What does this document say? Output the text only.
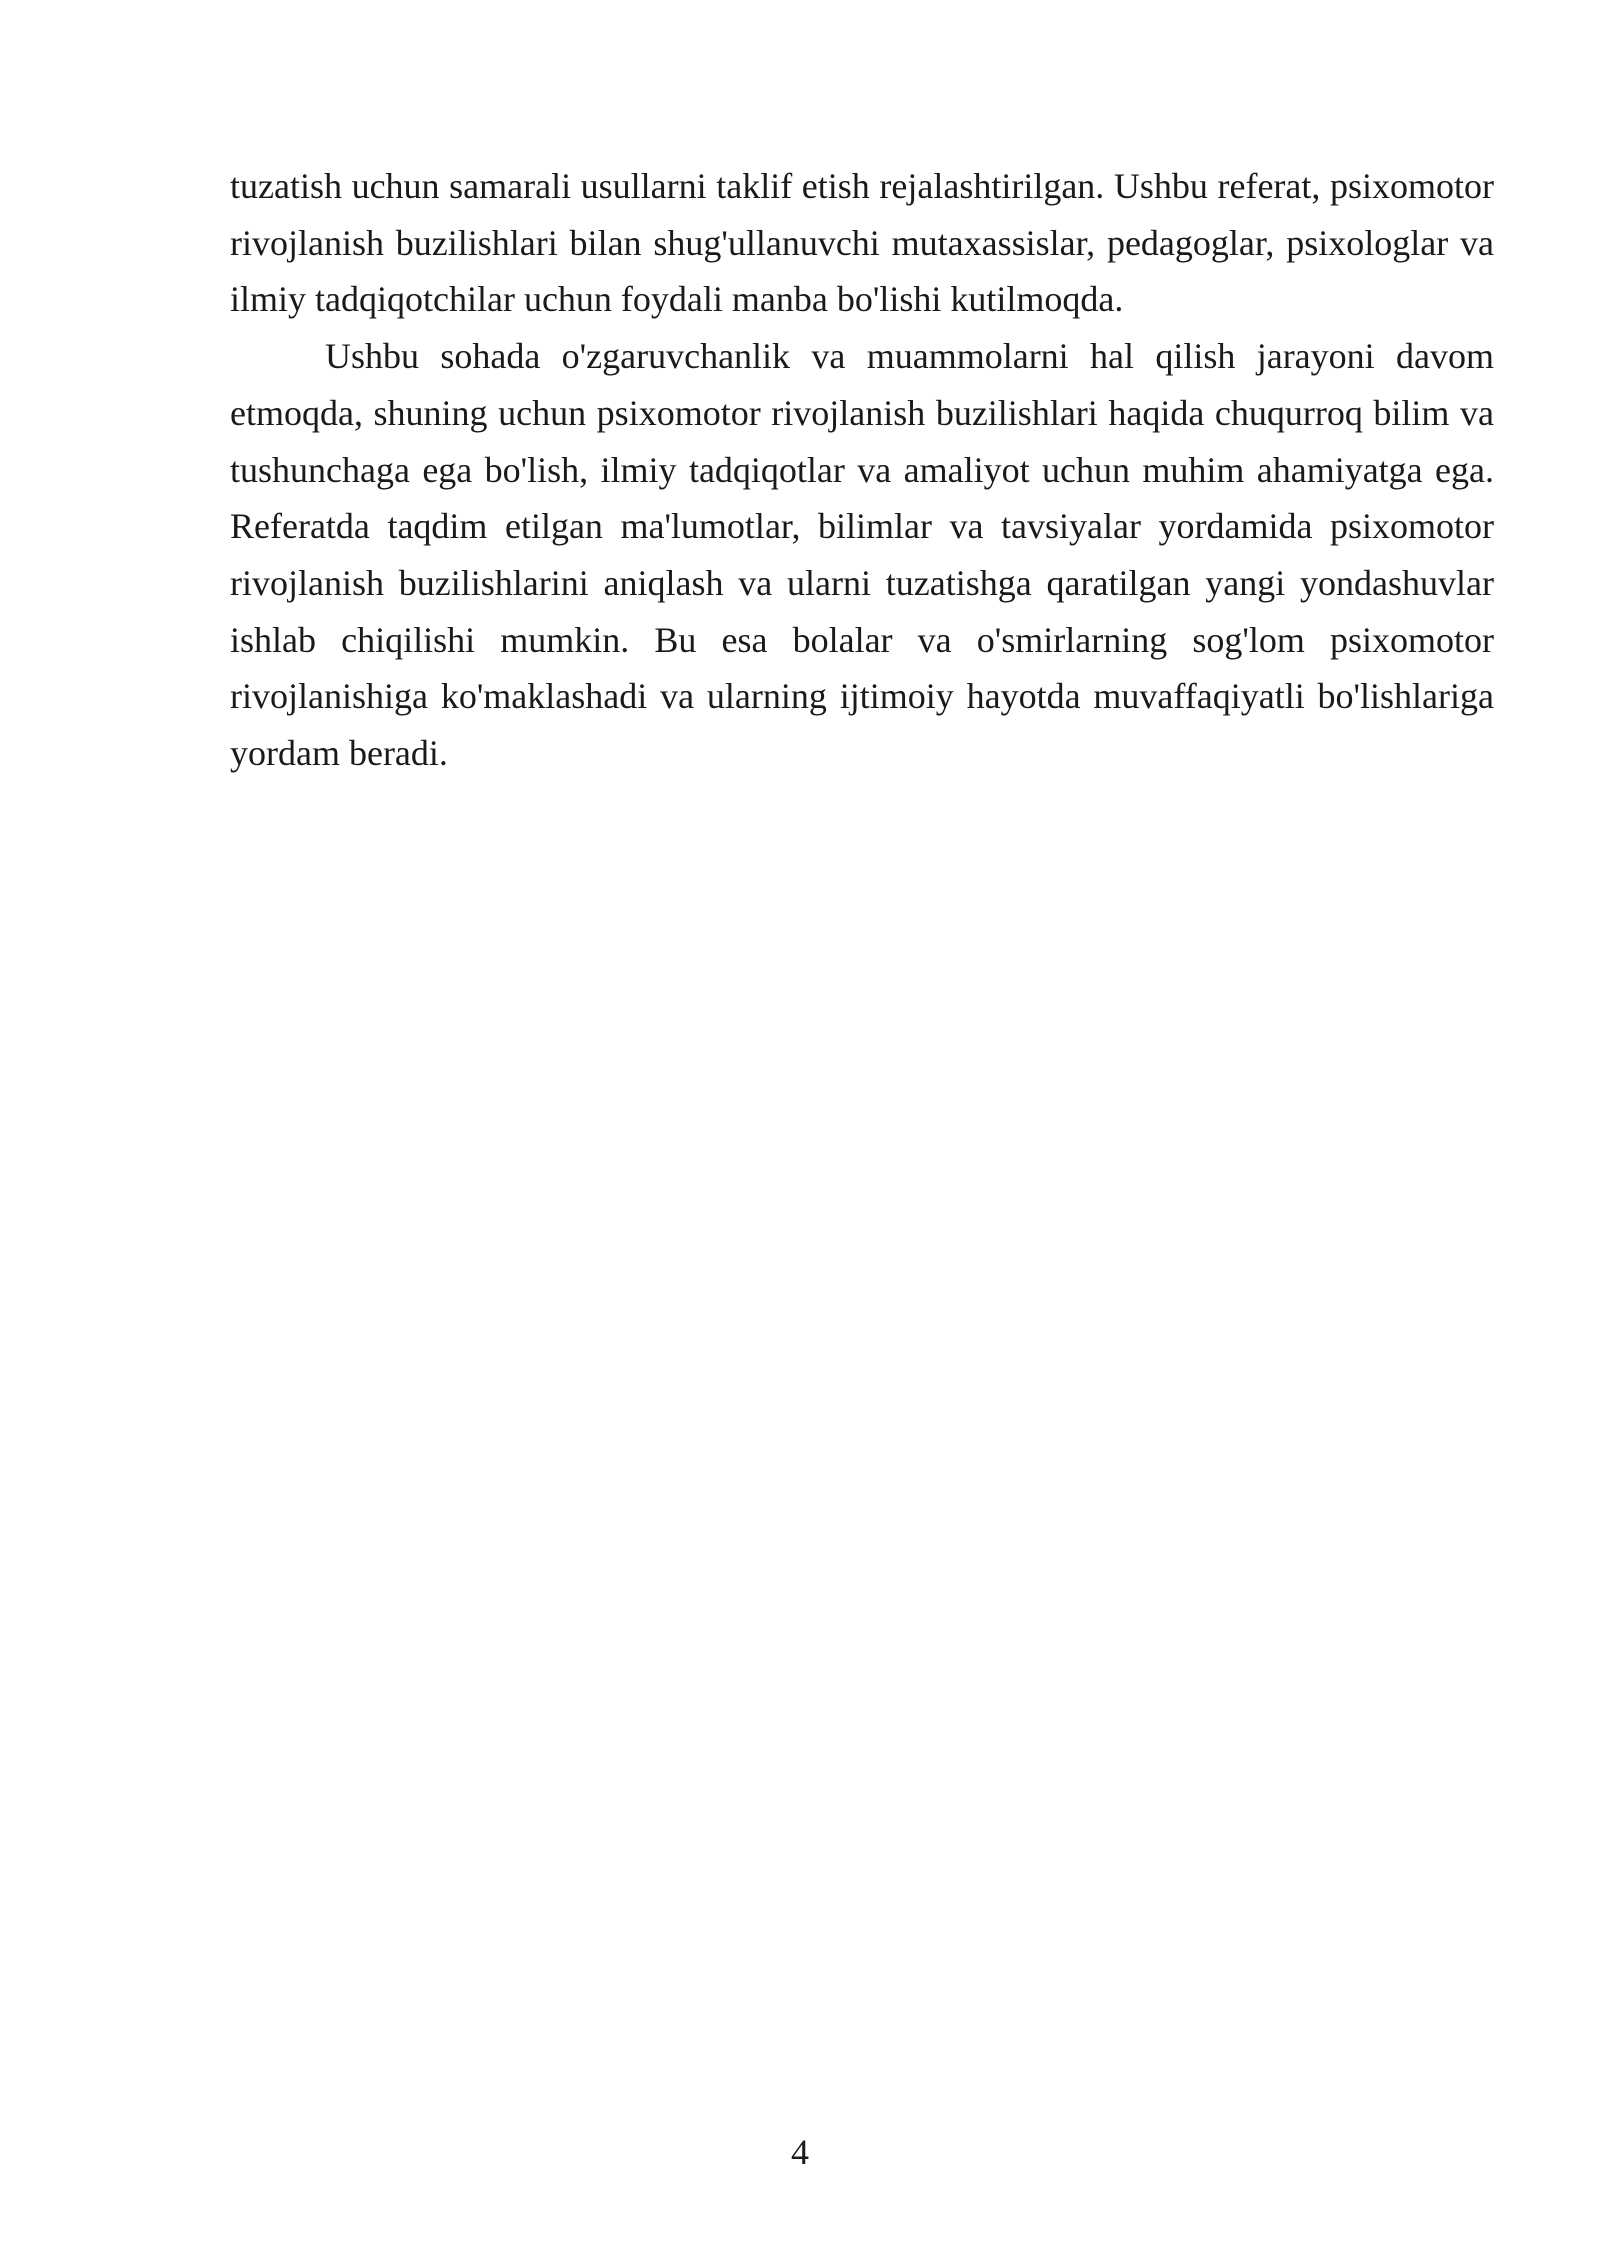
tuzatish uchun samarali usullarni taklif etish rejalashtirilgan. Ushbu referat, psixomotor rivojlanish buzilishlari bilan shug'ullanuvchi mutaxassislar, pedagoglar, psixologlar va ilmiy tadqiqotchilar uchun foydali manba bo'lishi kutilmoqda.

Ushbu sohada o'zgaruvchanlik va muammolarni hal qilish jarayoni davom etmoqda, shuning uchun psixomotor rivojlanish buzilishlari haqida chuqurroq bilim va tushunchaga ega bo'lish, ilmiy tadqiqotlar va amaliyot uchun muhim ahamiyatga ega. Referatda taqdim etilgan ma'lumotlar, bilimlar va tavsiyalar yordamida psixomotor rivojlanish buzilishlarini aniqlash va ularni tuzatishga qaratilgan yangi yondashuvlar ishlab chiqilishi mumkin. Bu esa bolalar va o'smirlarning sog'lom psixomotor rivojlanishiga ko'maklashadi va ularning ijtimoiy hayotda muvaffaqiyatli bo'lishlariga yordam beradi.

4
